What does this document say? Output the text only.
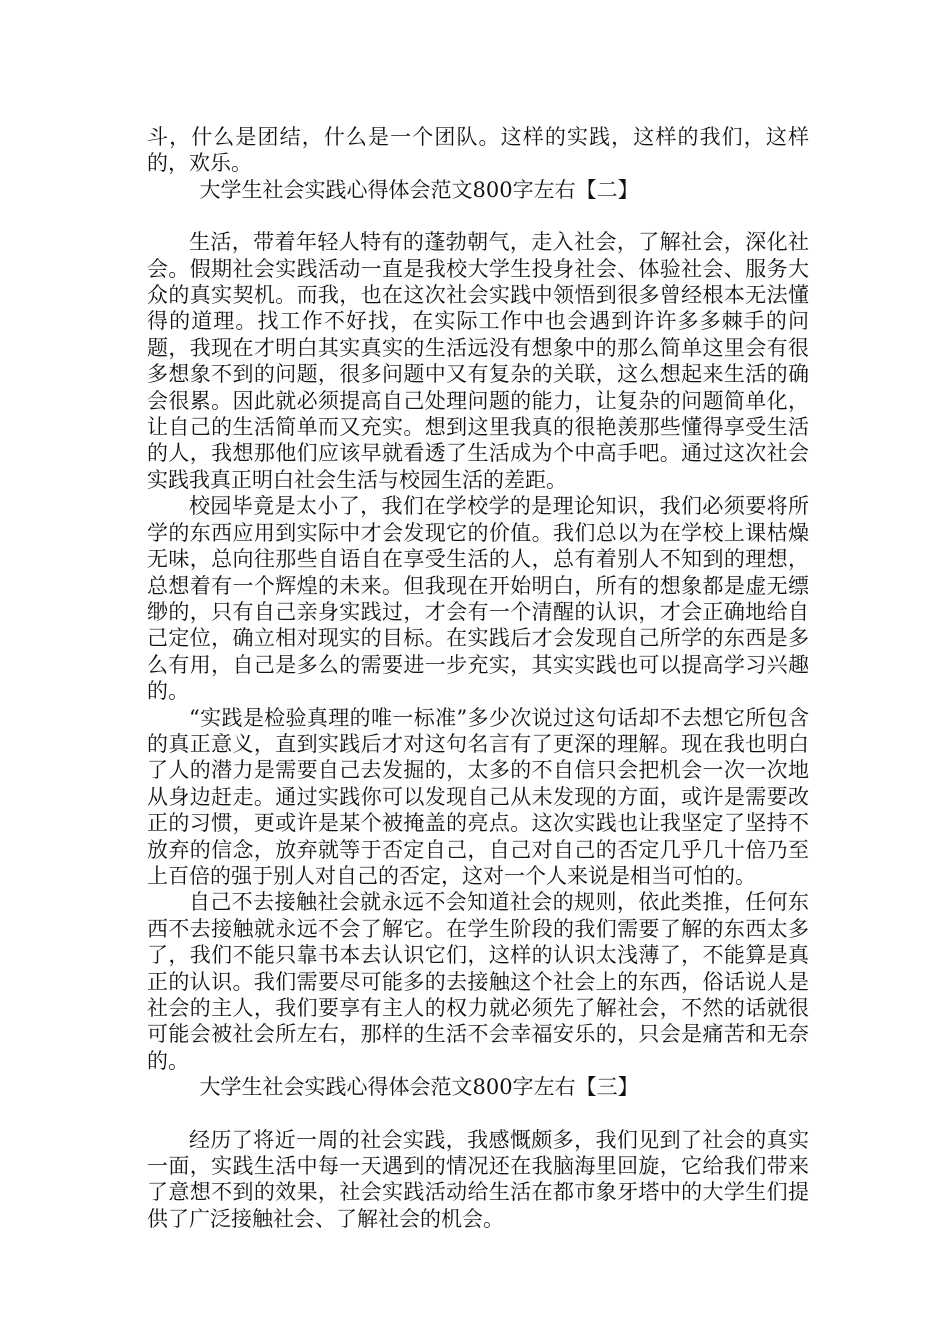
斗，什么是团结，什么是一个团队。这样的实践，这样的我们，这样的，欢乐。

大学生社会实践心得体会范文800字左右【二】

生活，带着年轻人特有的蓬勃朝气，走入社会，了解社会，深化社会。假期社会实践活动一直是我校大学生投身社会、体验社会、服务大众的真实契机。而我，也在这次社会实践中领悟到很多曾经根本无法懂得的道理。找工作不好找，在实际工作中也会遇到许许多多棘手的问题，我现在才明白其实真实的生活远没有想象中的那么简单这里会有很多想象不到的问题，很多问题中又有复杂的关联，这么想起来生活的确会很累。因此就必须提高自己处理问题的能力，让复杂的问题简单化，让自己的生活简单而又充实。想到这里我真的很艳羡那些懂得享受生活的人，我想那他们应该早就看透了生活成为个中高手吧。通过这次社会实践我真正明白社会生活与校园生活的差距。

校园毕竟是太小了，我们在学校学的是理论知识，我们必须要将所学的东西应用到实际中才会发现它的价值。我们总以为在学校上课枯燥无味，总向往那些自语自在享受生活的人，总有着别人不知到的理想，总想着有一个辉煌的未来。但我现在开始明白，所有的想象都是虚无缥缈的，只有自己亲身实践过，才会有一个清醒的认识，才会正确地给自己定位，确立相对现实的目标。在实践后才会发现自己所学的东西是多么有用，自己是多么的需要进一步充实，其实实践也可以提高学习兴趣的。

“实践是检验真理的唯一标准”多少次说过这句话却不去想它所包含的真正意义，直到实践后才对这句名言有了更深的理解。现在我也明白了人的潜力是需要自己去发掘的，太多的不自信只会把机会一次一次地从身边赶走。通过实践你可以发现自己从未发现的方面，或许是需要改正的习惯，更或许是某个被掩盖的亮点。这次实践也让我坚定了坚持不放弃的信念，放弃就等于否定自己，自己对自己的否定几乎几十倍乃至上百倍的强于别人对自己的否定，这对一个人来说是相当可怕的。

自己不去接触社会就永远不会知道社会的规则，依此类推，任何东西不去接触就永远不会了解它。在学生阶段的我们需要了解的东西太多了，我们不能只靠书本去认识它们，这样的认识太浅薄了，不能算是真正的认识。我们需要尽可能多的去接触这个社会上的东西，俗话说人是社会的主人，我们要享有主人的权力就必须先了解社会，不然的话就很可能会被社会所左右，那样的生活不会幸福安乐的，只会是痛苦和无奈的。

大学生社会实践心得体会范文800字左右【三】

经历了将近一周的社会实践，我感慨颇多，我们见到了社会的真实一面，实践生活中每一天遇到的情况还在我脑海里回旋，它给我们带来了意想不到的效果，社会实践活动给生活在都市象牙塔中的大学生们提供了广泛接触社会、了解社会的机会。
